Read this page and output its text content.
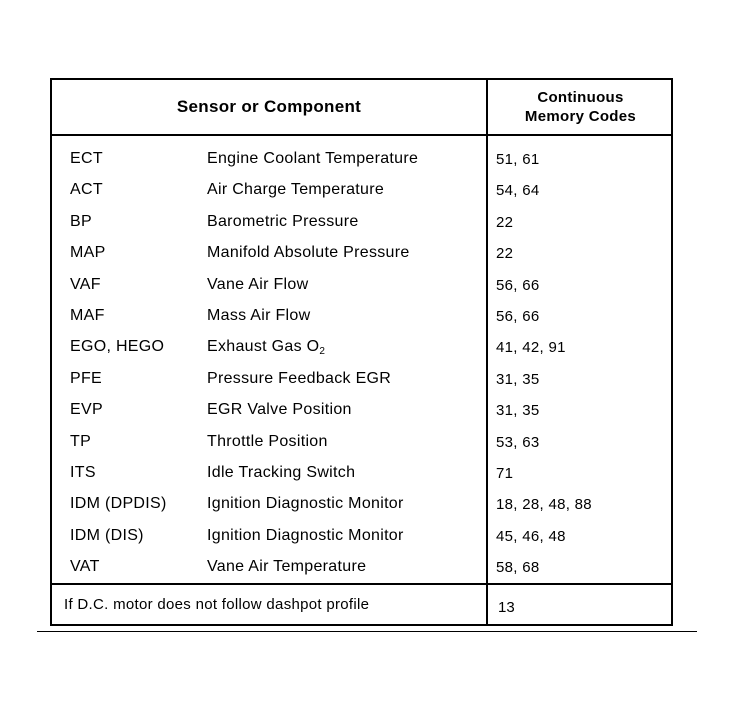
Sensor or Component	Continuous
Memory Codes
ECT	Engine Coolant Temperature	51, 61
ACT	Air Charge Temperature	54, 64
BP	Barometric Pressure	22
MAP	Manifold Absolute Pressure	22
VAF	Vane Air Flow	56, 66
MAF	Mass Air Flow	56, 66
EGO, HEGO	Exhaust Gas $O_2$	41, 42, 91
PFE	Pressure Feedback EGR	31, 35
EVP	EGR Valve Position	31, 35
TP	Throttle Position	53, 63
ITS	Idle Tracking Switch	71
IDM (DPDIS)	Ignition Diagnostic Monitor	18, 28, 48, 88
IDM (DIS)	Ignition Diagnostic Monitor	45, 46, 48
VAT	Vane Air Temperature	58, 68
If D.C. motor does not follow dashpot profile	13
